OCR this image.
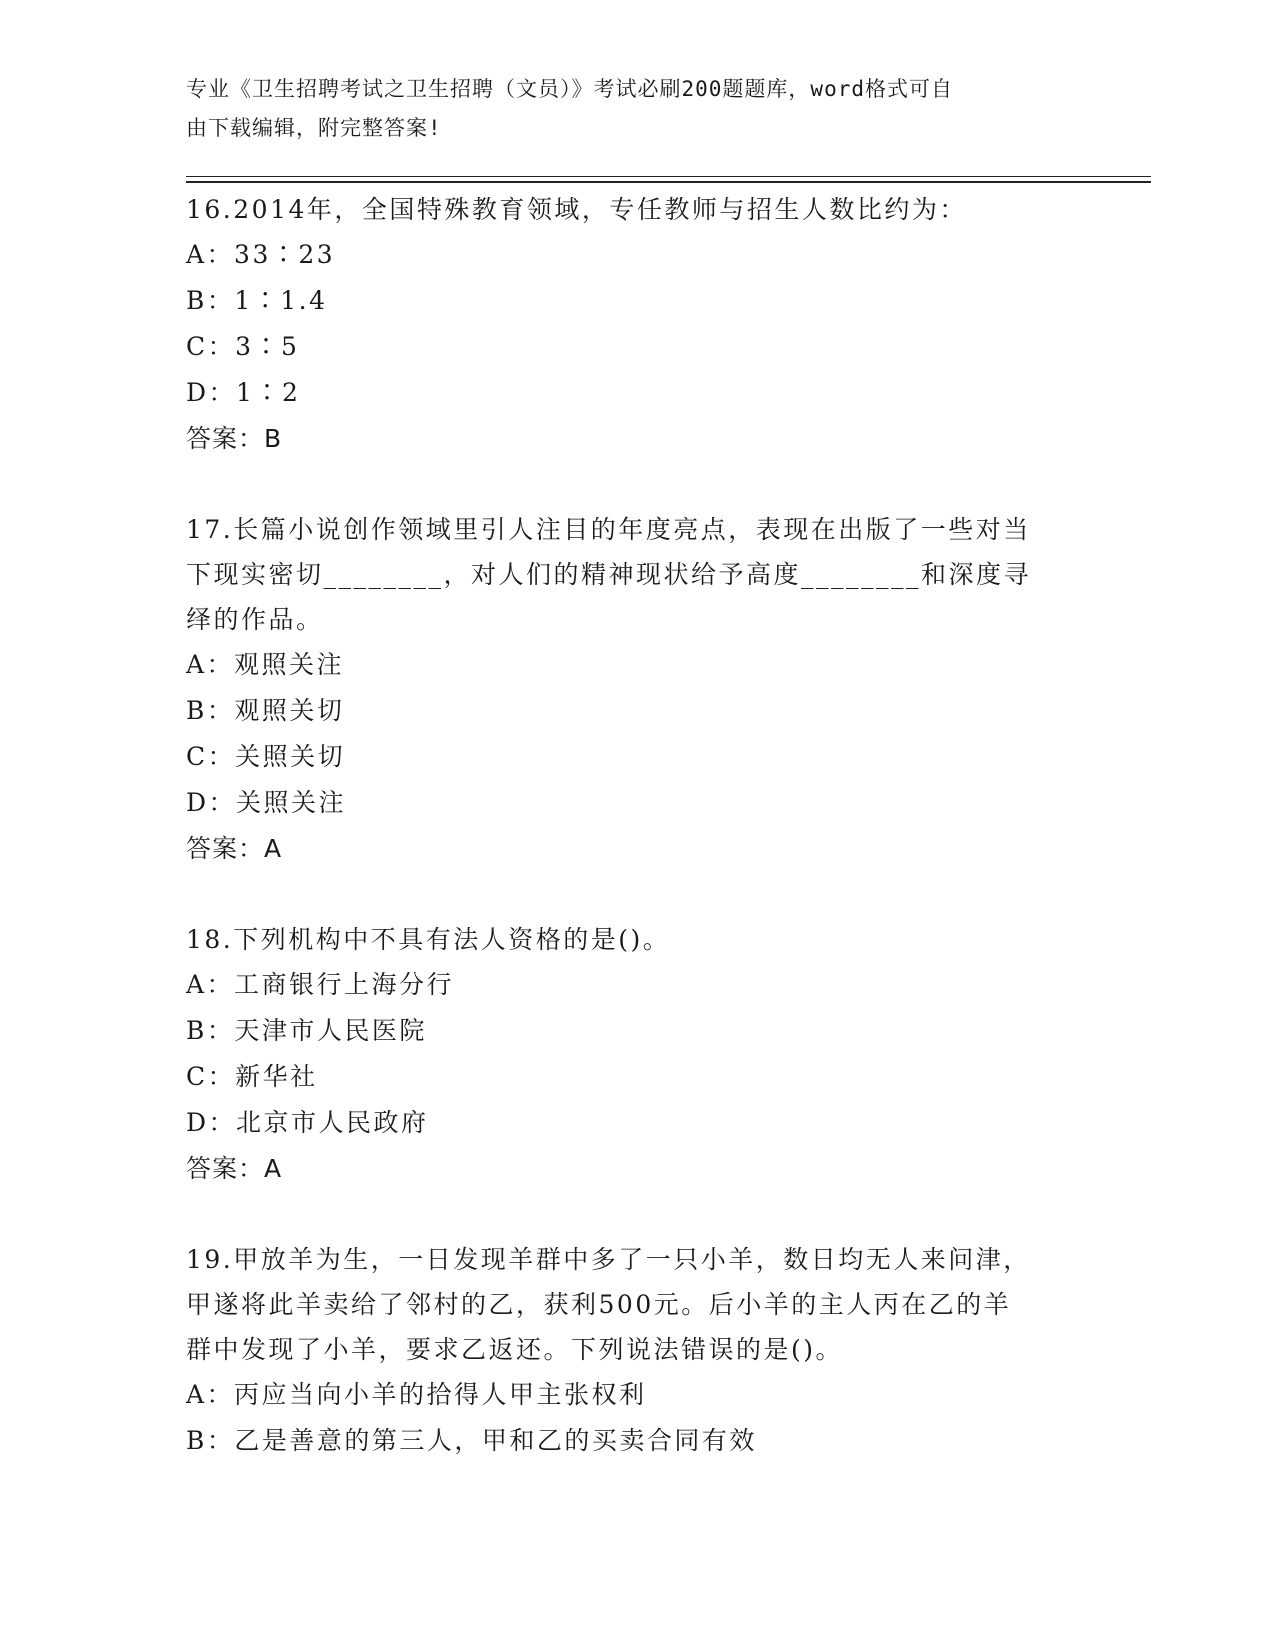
专业《卫生招聘考试之卫生招聘（文员）》考试必刷200题题库，word格式可自
由下载编辑，附完整答案!
16.2014年，全国特殊教育领域，专任教师与招生人数比约为：
A：33∶23
B：1∶1.4
C：3∶5
D：1∶2
答案：B
17.长篇小说创作领域里引人注目的年度亮点，表现在出版了一些对当
下现实密切________，对人们的精神现状给予高度________和深度寻
绎的作品。
A：观照关注
B：观照关切
C：关照关切
D：关照关注
答案：A
18.下列机构中不具有法人资格的是()。
A：工商银行上海分行
B：天津市人民医院
C：新华社
D：北京市人民政府
答案：A
19.甲放羊为生，一日发现羊群中多了一只小羊，数日均无人来问津，
甲遂将此羊卖给了邻村的乙，获利500元。后小羊的主人丙在乙的羊
群中发现了小羊，要求乙返还。下列说法错误的是()。
A：丙应当向小羊的拾得人甲主张权利
B：乙是善意的第三人，甲和乙的买卖合同有效
